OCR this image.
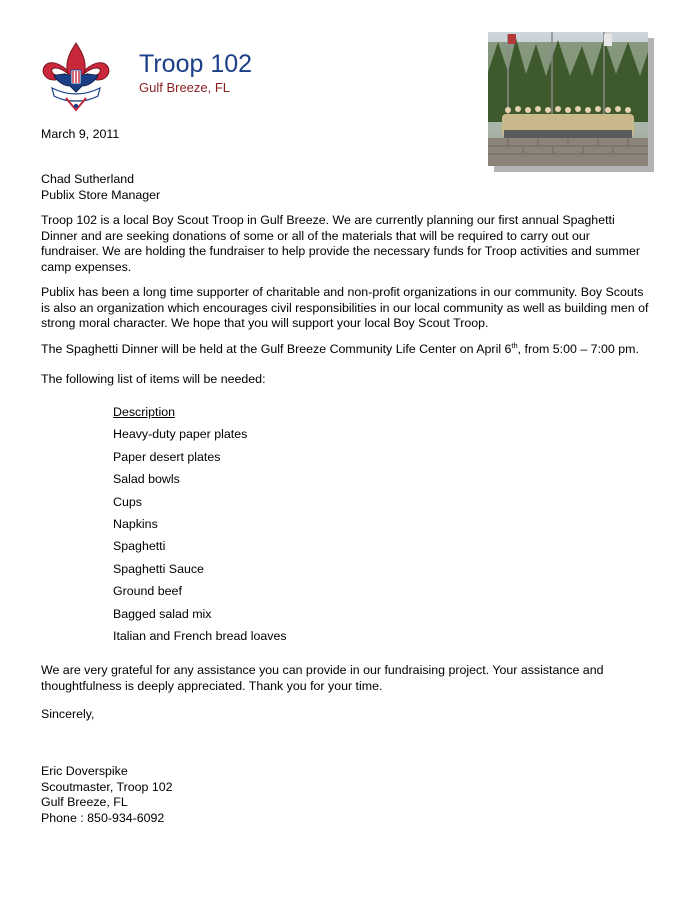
Troop 102
Gulf Breeze, FL
March 9, 2011
Chad Sutherland
Publix Store Manager
Troop 102 is a local Boy Scout Troop in Gulf Breeze. We are currently planning our first annual Spaghetti
Dinner and are seeking donations of some or all of the materials that will be required to carry out our
fundraiser. We are holding the fundraiser to help provide the necessary funds for Troop activities and summer
camp expenses.
Publix has been a long time supporter of charitable and non-profit organizations in our community. Boy Scouts
is also an organization which encourages civil responsibilities in our local community as well as building men of
strong moral character. We hope that you will support your local Boy Scout Troop.
The Spaghetti Dinner will be held at the Gulf Breeze Community Life Center on April 6th, from 5:00 – 7:00 pm.
The following list of items will be needed:
Description
Heavy-duty paper plates
Paper desert plates
Salad bowls
Cups
Napkins
Spaghetti
Spaghetti Sauce
Ground beef
Bagged salad mix
Italian and French bread loaves
We are very grateful for any assistance you can provide in our fundraising project. Your assistance and
thoughtfulness is deeply appreciated. Thank you for your time.
Sincerely,
Eric Doverspike
Scoutmaster, Troop 102
Gulf Breeze, FL
Phone : 850-934-6092
